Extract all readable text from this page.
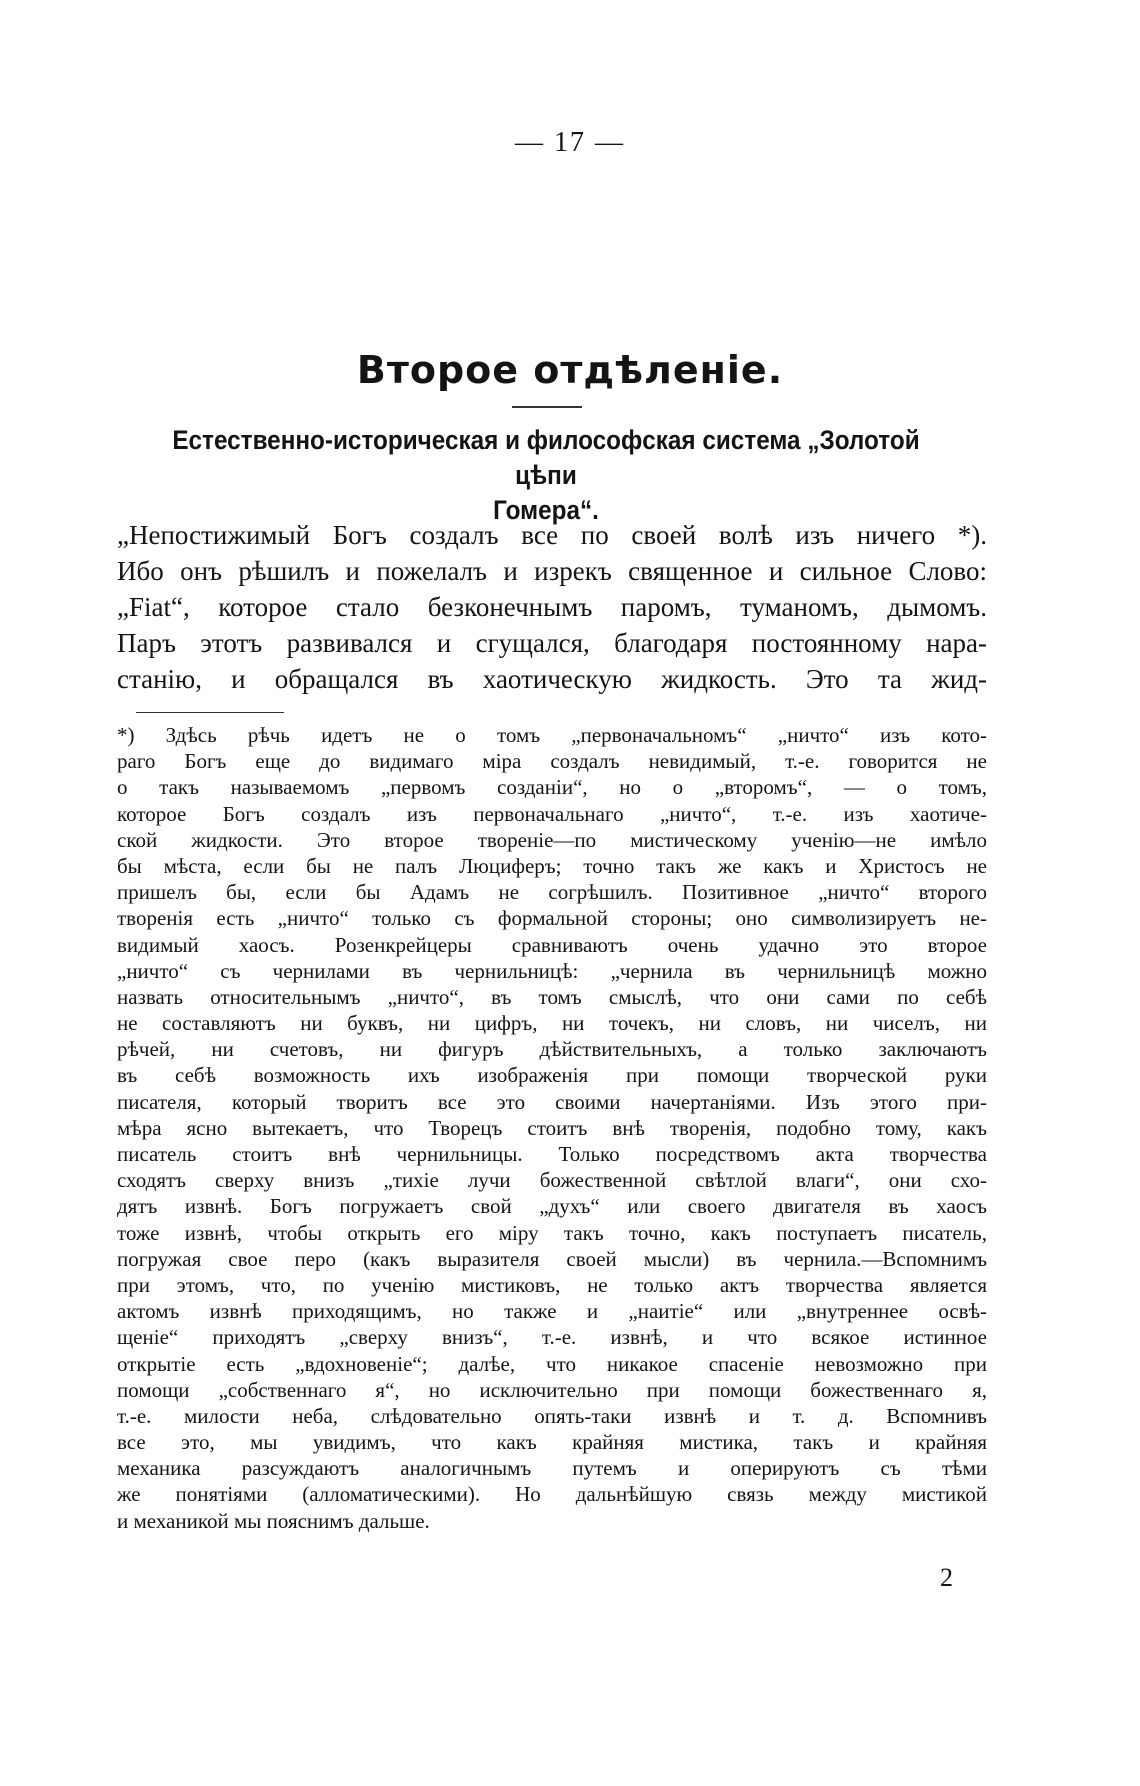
— 17 —
Второе отдѣленіе.
Естественно-историческая и философская система „Золотой цѣпи
Гомера“.
„Непостижимый Богъ создалъ все по своей волѣ изъ ничего *).
Ибо онъ рѣшилъ и пожелалъ и изрекъ священное и сильное Слово:
„Fiat“, которое стало безконечнымъ паромъ, туманомъ, дымомъ.
Паръ этотъ развивался и сгущался, благодаря постоянному нара-
станію, и обращался въ хаотическую жидкость. Это та жид-
*) Здѣсь рѣчь идетъ не о томъ „первоначальномъ“ „ничто“ изъ кото-
раго Богъ еще до видимаго міра создалъ невидимый, т.-е. говорится не
о такъ называемомъ „первомъ созданіи“, но о „второмъ“, — о томъ,
которое Богъ создалъ изъ первоначальнаго „ничто“, т.-е. изъ хаотиче-
ской жидкости. Это второе твореніе—по мистическому ученію—не имѣло
бы мѣста, если бы не палъ Люциферъ; точно такъ же какъ и Христосъ не
пришелъ бы, если бы Адамъ не согрѣшилъ. Позитивное „ничто“ второго
творенія есть „ничто“ только съ формальной стороны; оно символизируетъ не-
видимый хаосъ. Розенкрейцеры сравниваютъ очень удачно это второе
„ничто“ съ чернилами въ чернильницѣ: „чернила въ чернильницѣ можно
назвать относительнымъ „ничто“, въ томъ смыслѣ, что они сами по себѣ
не составляютъ ни буквъ, ни цифръ, ни точекъ, ни словъ, ни чиселъ, ни
рѣчей, ни счетовъ, ни фигуръ дѣйствительныхъ, а только заключаютъ
въ себѣ возможность ихъ изображенія при помощи творческой руки
писателя, который творитъ все это своими начертаніями. Изъ этого при-
мѣра ясно вытекаетъ, что Творецъ стоитъ внѣ творенія, подобно тому, какъ
писатель стоитъ внѣ чернильницы. Только посредствомъ акта творчества
сходятъ сверху внизъ „тихіе лучи божественной свѣтлой влаги“, они схо-
дятъ извнѣ. Богъ погружаетъ свой „духъ“ или своего двигателя въ хаосъ
тоже извнѣ, чтобы открыть его міру такъ точно, какъ поступаетъ писатель,
погружая свое перо (какъ выразителя своей мысли) въ чернила.—Вспомнимъ
при этомъ, что, по ученію мистиковъ, не только актъ творчества является
актомъ извнѣ приходящимъ, но также и „наитіе“ или „внутреннее освѣ-
щеніе“ приходятъ „сверху внизъ“, т.-е. извнѣ, и что всякое истинное
открытіе есть „вдохновеніе“; далѣе, что никакое спасеніе невозможно при
помощи „собственнаго я“, но исключительно при помощи божественнаго я,
т.-е. милости неба, слѣдовательно опять-таки извнѣ и т. д. Вспомнивъ
все это, мы увидимъ, что какъ крайняя мистика, такъ и крайняя
механика разсуждаютъ аналогичнымъ путемъ и оперируютъ съ тѣми
же понятіями (алломатическими). Но дальнѣйшую связь между мистикой
и механикой мы пояснимъ дальше.
2
